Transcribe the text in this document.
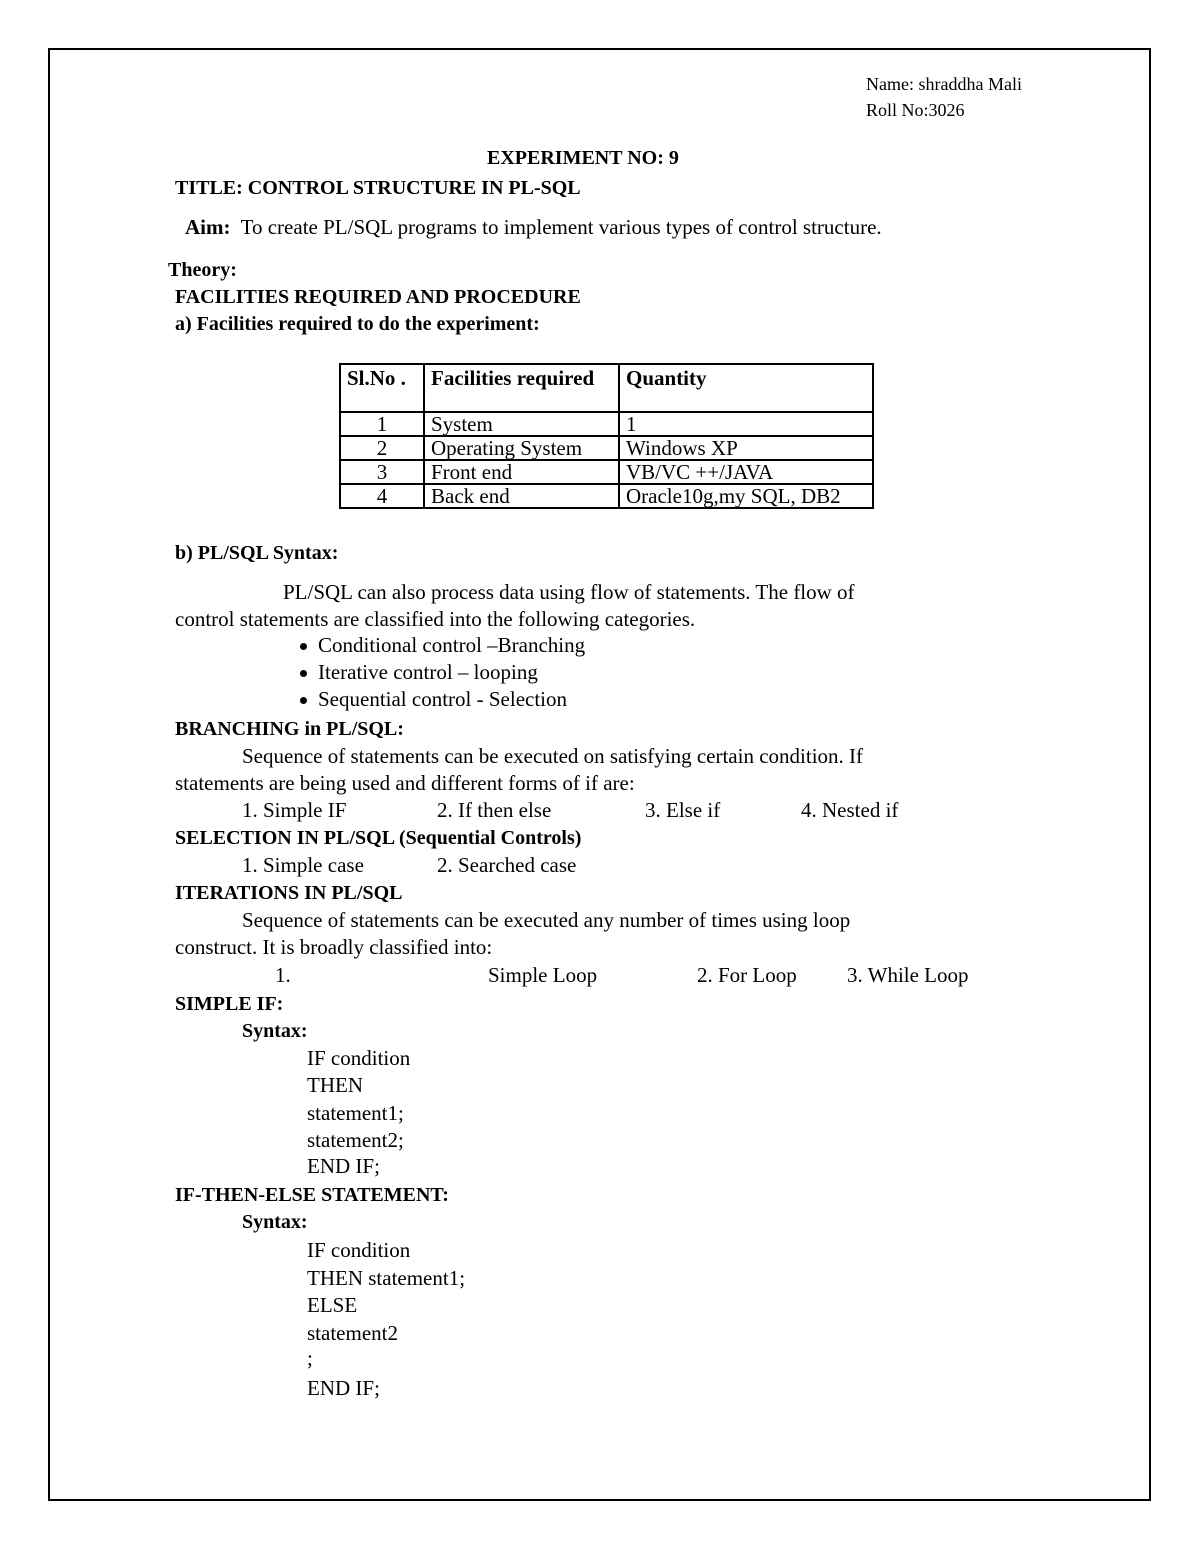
Name: shraddha Mali
Roll No:3026
EXPERIMENT NO: 9
TITLE: CONTROL STRUCTURE IN PL-SQL
Aim: To create PL/SQL programs to implement various types of control structure.
Theory:
FACILITIES REQUIRED AND PROCEDURE
a) Facilities required to do the experiment:
Sl.No .	Facilities required	Quantity
1	System	1
2	Operating System	Windows XP
3	Front end	VB/VC ++/JAVA
4	Back end	Oracle10g,my SQL, DB2
b) PL/SQL Syntax:
PL/SQL can also process data using flow of statements. The flow of
control statements are classified into the following categories.
Conditional control –Branching
Iterative control – looping
Sequential control - Selection
BRANCHING in PL/SQL:
Sequence of statements can be executed on satisfying certain condition. If
statements are being used and different forms of if are:
1. Simple IF	2. If then else	3. Else if	4. Nested if
SELECTION IN PL/SQL (Sequential Controls)
1. Simple case	2. Searched case
ITERATIONS IN PL/SQL
Sequence of statements can be executed any number of times using loop
construct. It is broadly classified into:
1.	Simple Loop	2. For Loop 3. While Loop
SIMPLE IF:
Syntax:
IF condition
THEN
statement1;
statement2;
END IF;
IF-THEN-ELSE STATEMENT:
Syntax:
IF condition
THEN statement1;
ELSE
statement2
;
END IF;
